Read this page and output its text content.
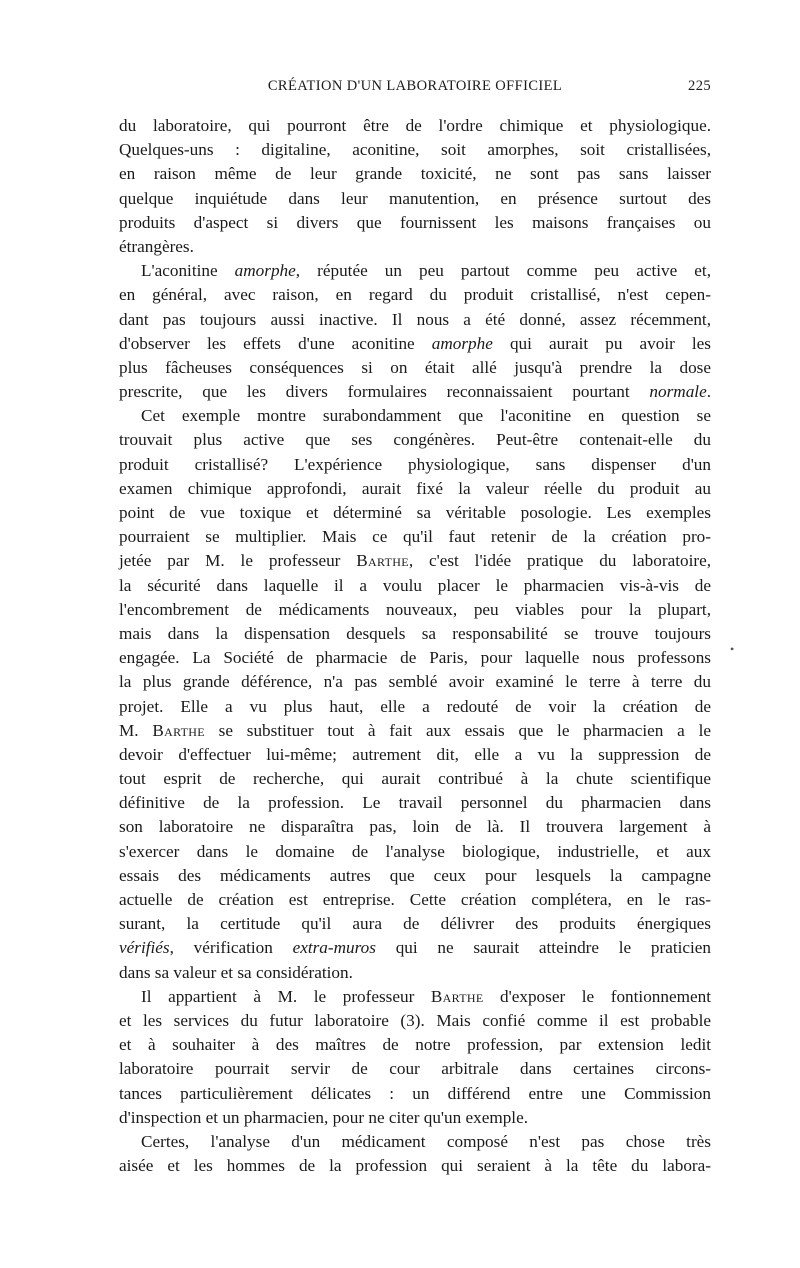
CRÉATION D'UN LABORATOIRE OFFICIEL	225
du laboratoire, qui pourront être de l'ordre chimique et physiologique.
Quelques-uns : digitaline, aconitine, soit amorphes, soit cristallisées,
en raison même de leur grande toxicité, ne sont pas sans laisser
quelque inquiétude dans leur manutention, en présence surtout des
produits d'aspect si divers que fournissent les maisons françaises ou
étrangères.
L'aconitine amorphe, réputée un peu partout comme peu active et,
en général, avec raison, en regard du produit cristallisé, n'est cepen-
dant pas toujours aussi inactive. Il nous a été donné, assez récemment,
d'observer les effets d'une aconitine amorphe qui aurait pu avoir les
plus fâcheuses conséquences si on était allé jusqu'à prendre la dose
prescrite, que les divers formulaires reconnaissaient pourtant normale.
Cet exemple montre surabondamment que l'aconitine en question se
trouvait plus active que ses congénères. Peut-être contenait-elle du
produit cristallisé? L'expérience physiologique, sans dispenser d'un
examen chimique approfondi, aurait fixé la valeur réelle du produit au
point de vue toxique et déterminé sa véritable posologie. Les exemples
pourraient se multiplier. Mais ce qu'il faut retenir de la création pro-
jetée par M. le professeur Barthe, c'est l'idée pratique du laboratoire,
la sécurité dans laquelle il a voulu placer le pharmacien vis-à-vis de
l'encombrement de médicaments nouveaux, peu viables pour la plupart,
mais dans la dispensation desquels sa responsabilité se trouve toujours
engagée. La Société de pharmacie de Paris, pour laquelle nous professons
la plus grande déférence, n'a pas semblé avoir examiné le terre à terre du
projet. Elle a vu plus haut, elle a redouté de voir la création de
M. Barthe se substituer tout à fait aux essais que le pharmacien a le
devoir d'effectuer lui-même; autrement dit, elle a vu la suppression de
tout esprit de recherche, qui aurait contribué à la chute scientifique
définitive de la profession. Le travail personnel du pharmacien dans
son laboratoire ne disparaîtra pas, loin de là. Il trouvera largement à
s'exercer dans le domaine de l'analyse biologique, industrielle, et aux
essais des médicaments autres que ceux pour lesquels la campagne
actuelle de création est entreprise. Cette création complétera, en le ras-
surant, la certitude qu'il aura de délivrer des produits énergiques
vérifiés, vérification extra-muros qui ne saurait atteindre le praticien
dans sa valeur et sa considération.
Il appartient à M. le professeur Barthe d'exposer le fontionnement
et les services du futur laboratoire (3). Mais confié comme il est probable
et à souhaiter à des maîtres de notre profession, par extension ledit
laboratoire pourrait servir de cour arbitrale dans certaines circons-
tances particulièrement délicates : un différend entre une Commission
d'inspection et un pharmacien, pour ne citer qu'un exemple.
Certes, l'analyse d'un médicament composé n'est pas chose très
aisée et les hommes de la profession qui seraient à la tête du labora-
•
